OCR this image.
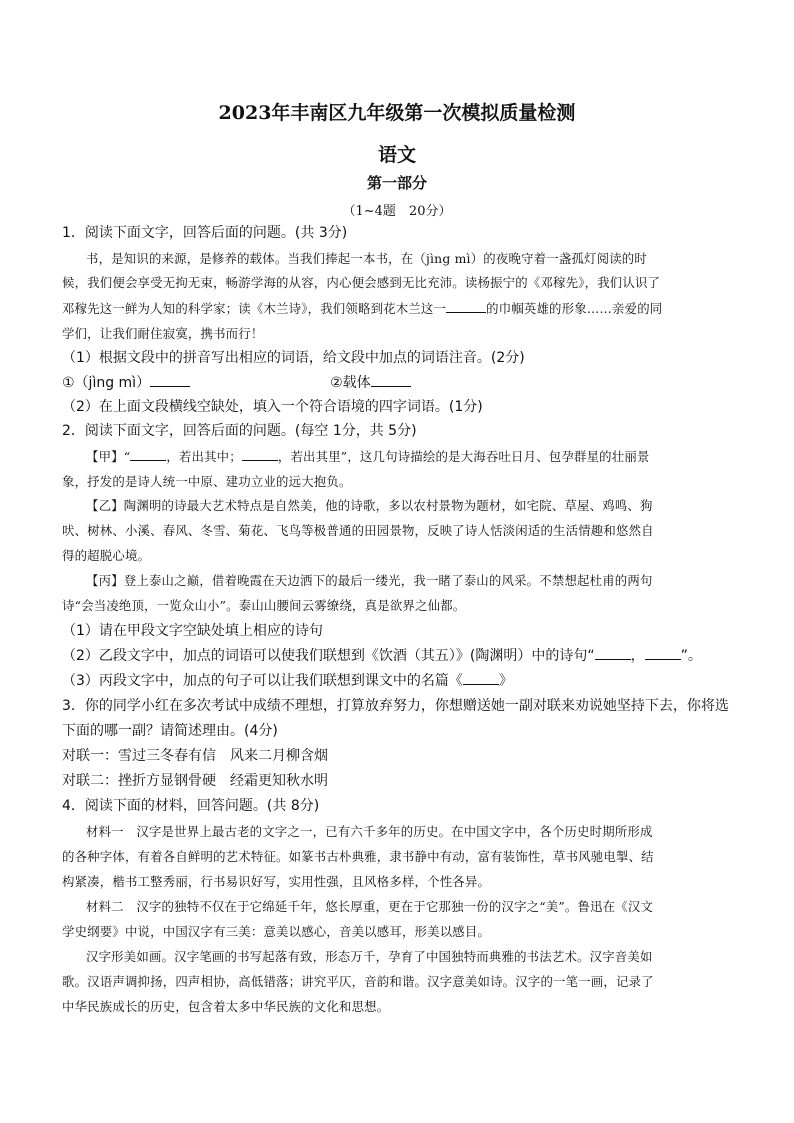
2023年丰南区九年级第一次模拟质量检测
语文
第一部分
（1~4题　20分）
1．阅读下面文字，回答后面的问题。(共 3分)
书，是知识的来源，是修养的载体。当我们捧起一本书，在（jìng mì）的夜晚守着一盏孤灯阅读的时
候，我们便会享受无拘无束，畅游学海的从容，内心便会感到无比充沛。读杨振宁的《邓稼先》，我们认识了
邓稼先这一鲜为人知的科学家；读《木兰诗》，我们领略到花木兰这一	的巾帼英雄的形象……亲爱的同
学们，让我们耐住寂寞，携书而行！
（1）根据文段中的拼音写出相应的词语，给文段中加点的词语注音。(2分)
①（jìng mì）	②载体
（2）在上面文段横线空缺处，填入一个符合语境的四字词语。(1分)
2．阅读下面文字，回答后面的问题。(每空 1分，共 5分)
【甲】“	，若出其中；	，若出其里”，这几句诗描绘的是大海吞吐日月、包孕群星的壮丽景
象，抒发的是诗人统一中原、建功立业的远大抱负。
【乙】陶渊明的诗最大艺术特点是自然美，他的诗歌，多以农村景物为题材，如宅院、草屋、鸡鸣、狗
吠、树林、小溪、春风、冬雪、菊花、飞鸟等极普通的田园景物，反映了诗人恬淡闲适的生活情趣和悠然自
得的超脱心境。
【丙】登上泰山之巅，借着晚霞在天边洒下的最后一缕光，我一睹了泰山的风采。不禁想起杜甫的两句
诗“会当凌绝顶，一览众山小”。泰山山腰间云雾缭绕，真是欲界之仙都。
（1）请在甲段文字空缺处填上相应的诗句
（2）乙段文字中，加点的词语可以使我们联想到《饮酒（其五）》(陶渊明）中的诗句“	，	”。
（3）丙段文字中，加点的句子可以让我们联想到课文中的名篇《	》
3．你的同学小红在多次考试中成绩不理想，打算放弃努力，你想赠送她一副对联来劝说她坚持下去，你将选
下面的哪一副？请简述理由。(4分)
对联一：雪过三冬春有信　风来二月柳含烟
对联二：挫折方显钢骨硬　经霜更知秋水明
4．阅读下面的材料，回答问题。(共 8分)
材料一　汉字是世界上最古老的文字之一，已有六千多年的历史。在中国文字中，各个历史时期所形成
的各种字体，有着各自鲜明的艺术特征。如篆书古朴典雅，隶书静中有动，富有装饰性，草书风驰电掣、结
构紧凑，楷书工整秀丽，行书易识好写，实用性强，且风格多样，个性各异。
材料二　汉字的独特不仅在于它绵延千年，悠长厚重，更在于它那独一份的汉字之“美”。鲁迅在《汉文
学史纲要》中说，中国汉字有三美：意美以感心，音美以感耳，形美以感目。
汉字形美如画。汉字笔画的书写起落有致，形态万千，孕育了中国独特而典雅的书法艺术。汉字音美如
歌。汉语声调抑扬，四声相协，高低错落；讲究平仄，音韵和谐。汉字意美如诗。汉字的一笔一画，记录了
中华民族成长的历史，包含着太多中华民族的文化和思想。
